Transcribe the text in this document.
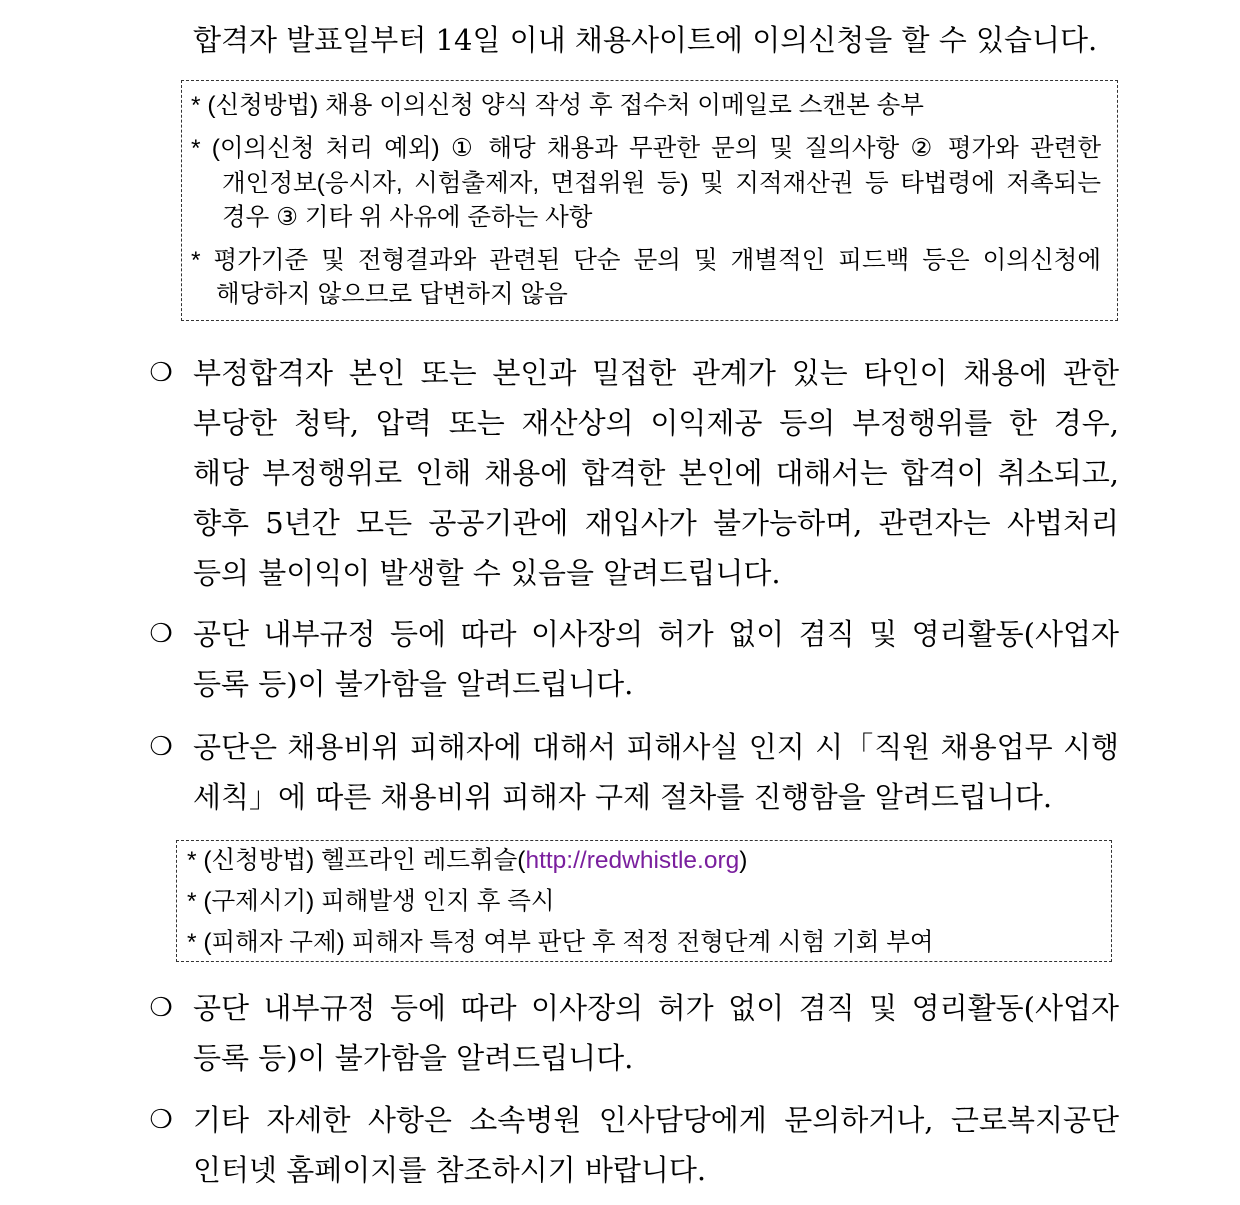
합격자 발표일부터 14일 이내 채용사이트에 이의신청을 할 수 있습니다.

* (신청방법) 채용 이의신청 양식 작성 후 접수처 이메일로 스캔본 송부

* (이의신청 처리 예외) ① 해당 채용과 무관한 문의 및 질의사항 ② 평가와 관련한

개인정보(응시자, 시험출제자, 면접위원 등) 및 지적재산권 등 타법령에 저촉되는

경우 ③ 기타 위 사유에 준하는 사항

* 평가기준 및 전형결과와 관련된 단순 문의 및 개별적인 피드백 등은 이의신청에

해당하지 않으므로 답변하지 않음

❍ 부정합격자 본인 또는 본인과 밀접한 관계가 있는 타인이 채용에 관한

부당한 청탁, 압력 또는 재산상의 이익제공 등의 부정행위를 한 경우,

해당 부정행위로 인해 채용에 합격한 본인에 대해서는 합격이 취소되고,

향후 5년간 모든 공공기관에 재입사가 불가능하며, 관련자는 사법처리

등의 불이익이 발생할 수 있음을 알려드립니다.

❍ 공단 내부규정 등에 따라 이사장의 허가 없이 겸직 및 영리활동(사업자

등록 등)이 불가함을 알려드립니다.

❍ 공단은 채용비위 피해자에 대해서 피해사실 인지 시「직원 채용업무 시행

세칙」에 따른 채용비위 피해자 구제 절차를 진행함을 알려드립니다.

* (신청방법) 헬프라인 레드휘슬(http://redwhistle.org)

* (구제시기) 피해발생 인지 후 즉시

* (피해자 구제) 피해자 특정 여부 판단 후 적정 전형단계 시험 기회 부여

❍ 공단 내부규정 등에 따라 이사장의 허가 없이 겸직 및 영리활동(사업자

등록 등)이 불가함을 알려드립니다.

❍ 기타 자세한 사항은 소속병원 인사담당에게 문의하거나, 근로복지공단

인터넷 홈페이지를 참조하시기 바랍니다.
